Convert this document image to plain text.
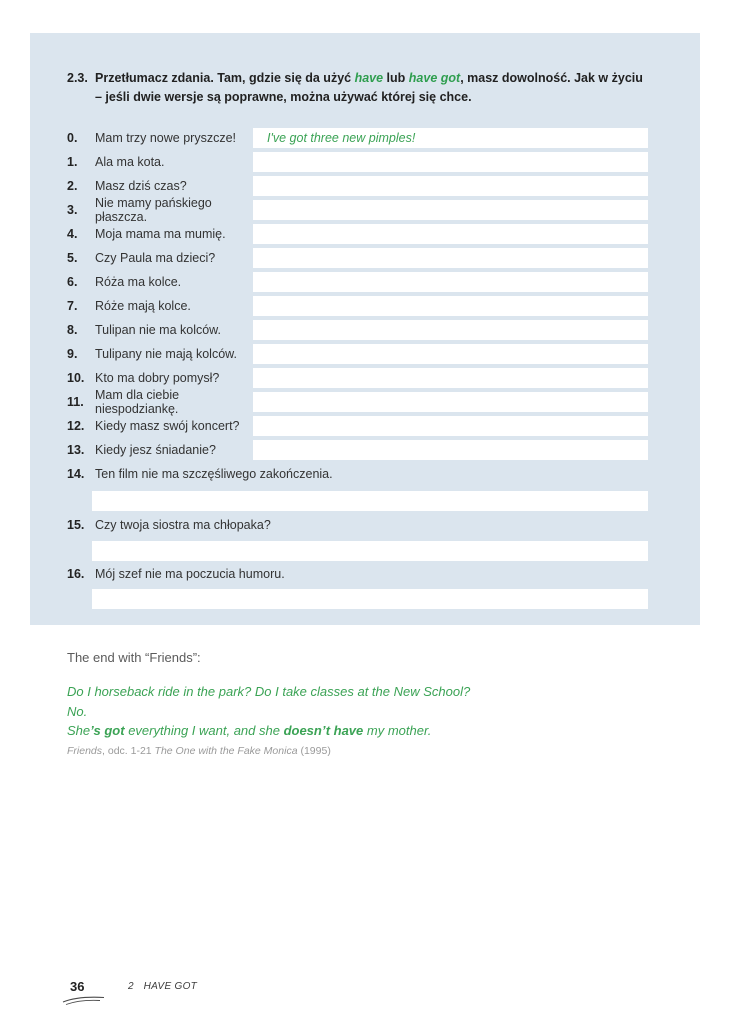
2.3. Przetłumacz zdania. Tam, gdzie się da użyć have lub have got, masz dowolność. Jak w życiu – jeśli dwie wersje są poprawne, można używać której się chce.
0.	Mam trzy nowe pryszcze!	I've got three new pimples!
1.	Ala ma kota.
2.	Masz dziś czas?
3.	Nie mamy pańskiego płaszcza.
4.	Moja mama ma mumię.
5.	Czy Paula ma dzieci?
6.	Róża ma kolce.
7.	Róże mają kolce.
8.	Tulipan nie ma kolców.
9.	Tulipany nie mają kolców.
10. Kto ma dobry pomysł?
11. Mam dla ciebie niespodziankę.
12. Kiedy masz swój koncert?
13. Kiedy jesz śniadanie?
14. Ten film nie ma szczęśliwego zakończenia.
15. Czy twoja siostra ma chłopaka?
16. Mój szef nie ma poczucia humoru.
The end with “Friends”:
Do I horseback ride in the park? Do I take classes at the New School?
No.
She’s got everything I want, and she doesn’t have my mother.
Friends, odc. 1-21 The One with the Fake Monica (1995)
36	2 HAVE GOT
